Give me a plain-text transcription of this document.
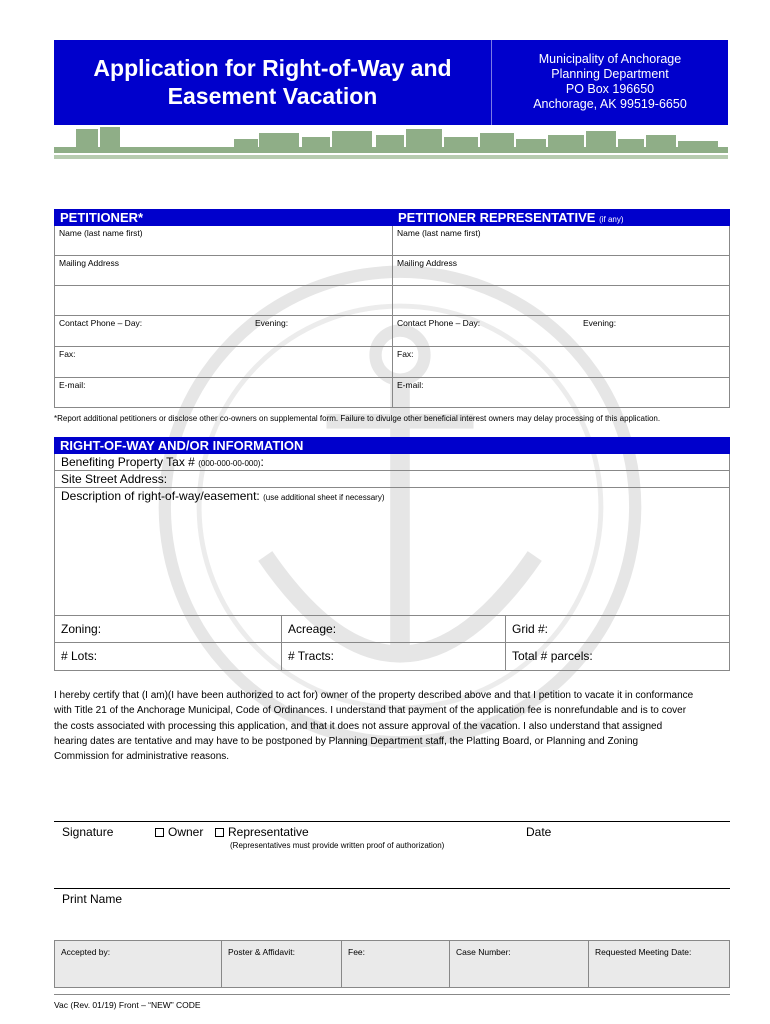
Application for Right-of-Way and
Easement Vacation
Municipality of Anchorage
Planning Department
PO Box 196650
Anchorage, AK 99519-6650
PETITIONER*	PETITIONER REPRESENTATIVE (if any)
Name (last name first)	Name (last name first)
Mailing Address	Mailing Address
Contact Phone – Day:	Evening:	Contact Phone – Day:	Evening:
Fax:	Fax:
E-mail:	E-mail:
*Report additional petitioners or disclose other co-owners on supplemental form. Failure to divulge other beneficial interest owners may delay processing of this application.
RIGHT-OF-WAY AND/OR INFORMATION
Benefiting Property Tax # (000-000-00-000):
Site Street Address:
Description of right-of-way/easement: (use additional sheet if necessary)
Zoning:	Acreage:	Grid #:
# Lots:	# Tracts:	Total # parcels:
I hereby certify that (I am)(I have been authorized to act for) owner of the property described above and that I petition to vacate it in conformance
with Title 21 of the Anchorage Municipal, Code of Ordinances. I understand that payment of the application fee is nonrefundable and is to cover
the costs associated with processing this application, and that it does not assure approval of the vacation. I also understand that assigned
hearing dates are tentative and may have to be postponed by Planning Department staff, the Platting Board, or Planning and Zoning
Commission for administrative reasons.
Signature	Owner	Representative	Date
(Representatives must provide written proof of authorization)
Print Name
Accepted by:	Poster & Affidavit:	Fee:	Case Number:	Requested Meeting Date:
Vac (Rev. 01/19) Front – “NEW” CODE
